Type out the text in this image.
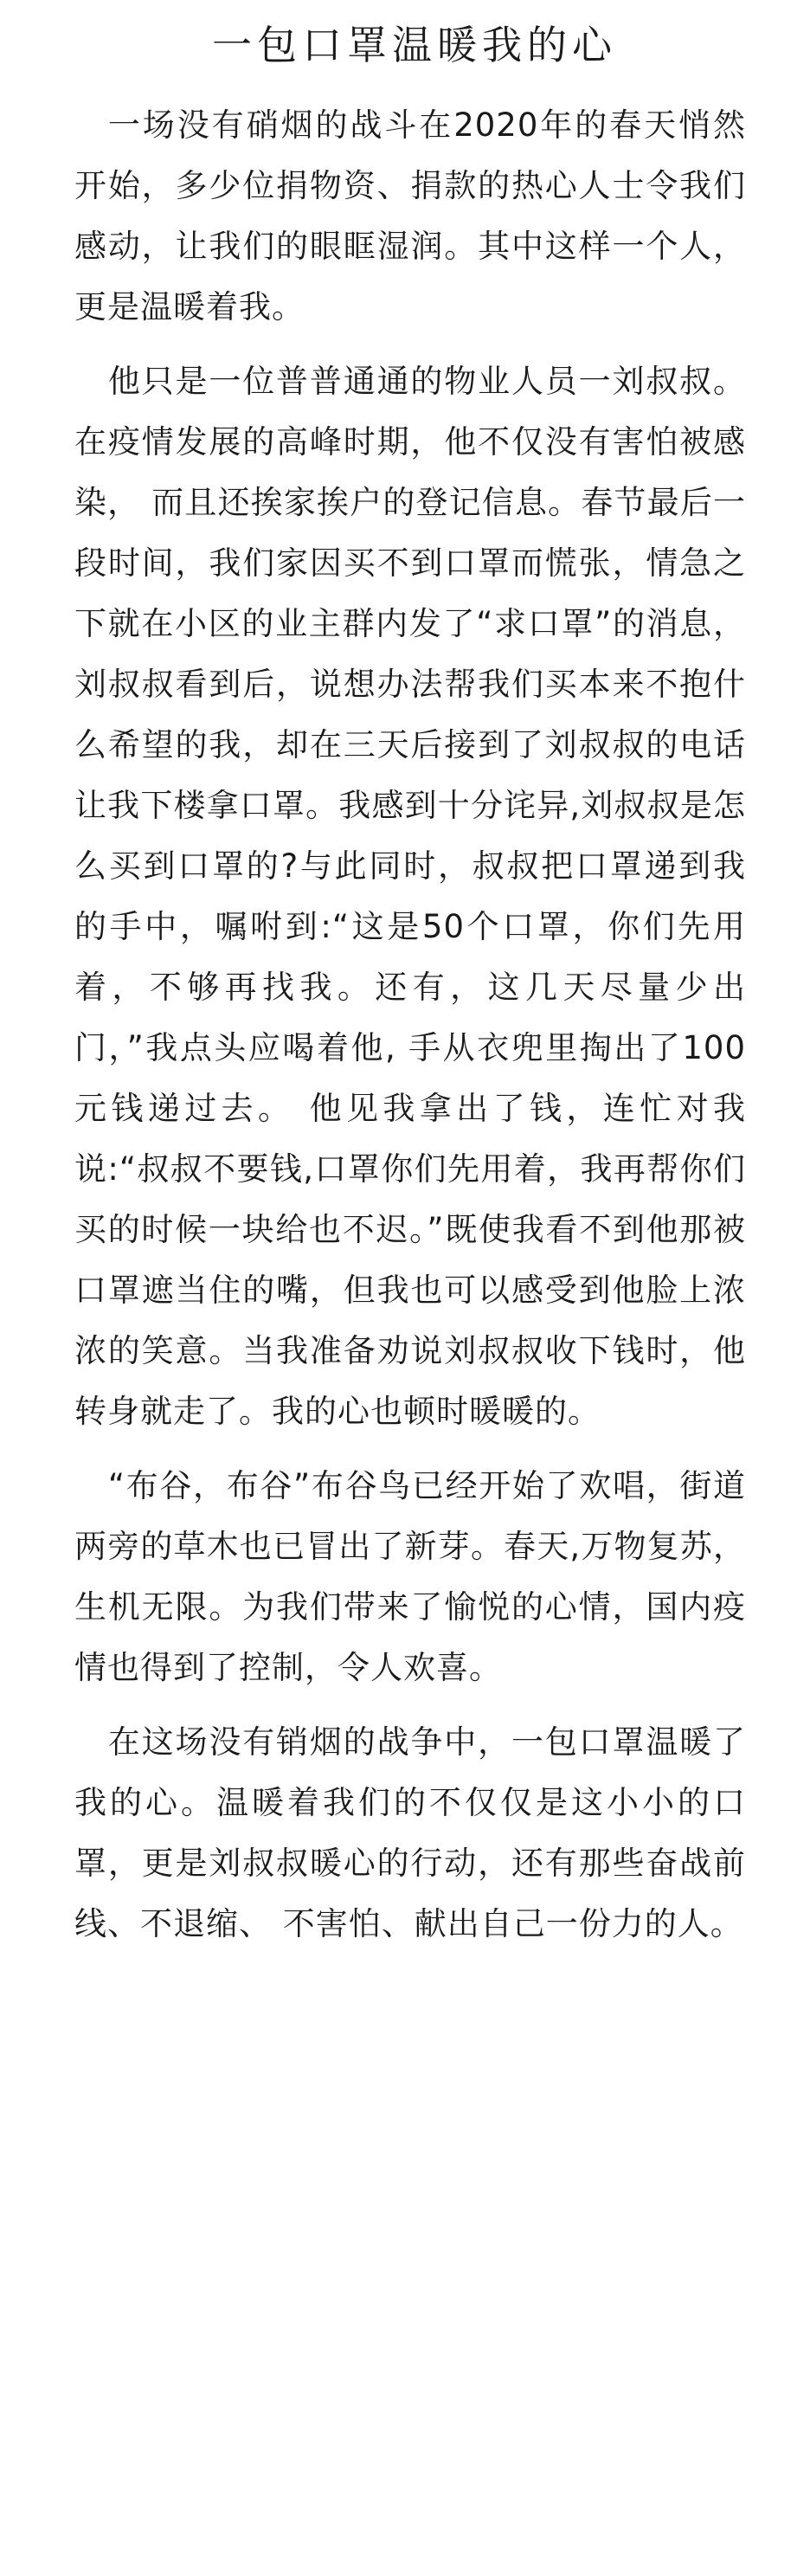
一包口罩温暖我的心

一场没有硝烟的战斗在2020年的春天悄然开始，多少位捐物资、捐款的热心人士令我们感动，让我们的眼眶湿润。其中这样一个人，更是温暖着我。

他只是一位普普通通的物业人员一刘叔叔。在疫情发展的高峰时期，他不仅没有害怕被感染， 而且还挨家挨户的登记信息。春节最后一段时间，我们家因买不到口罩而慌张，情急之下就在小区的业主群内发了“求口罩”的消息，刘叔叔看到后，说想办法帮我们买本来不抱什么希望的我，却在三天后接到了刘叔叔的电话让我下楼拿口罩。我感到十分诧异,刘叔叔是怎么买到口罩的?与此同时，叔叔把口罩递到我的手中，嘱咐到:“这是50个口罩，你们先用着，不够再找我。还有，这几天尽量少出门，”我点头应喝着他, 手从衣兜里掏出了100元钱递过去。 他见我拿出了钱，连忙对我说:“叔叔不要钱,口罩你们先用着，我再帮你们买的时候一块给也不迟。”既使我看不到他那被口罩遮当住的嘴，但我也可以感受到他脸上浓浓的笑意。当我准备劝说刘叔叔收下钱时，他转身就走了。我的心也顿时暖暖的。

“布谷，布谷”布谷鸟已经开始了欢唱，街道两旁的草木也已冒出了新芽。春天,万物复苏，生机无限。为我们带来了愉悦的心情，国内疫情也得到了控制，令人欢喜。

在这场没有销烟的战争中，一包口罩温暖了我的心。温暖着我们的不仅仅是这小小的口罩，更是刘叔叔暖心的行动，还有那些奋战前线、不退缩、 不害怕、献出自己一份力的人。
